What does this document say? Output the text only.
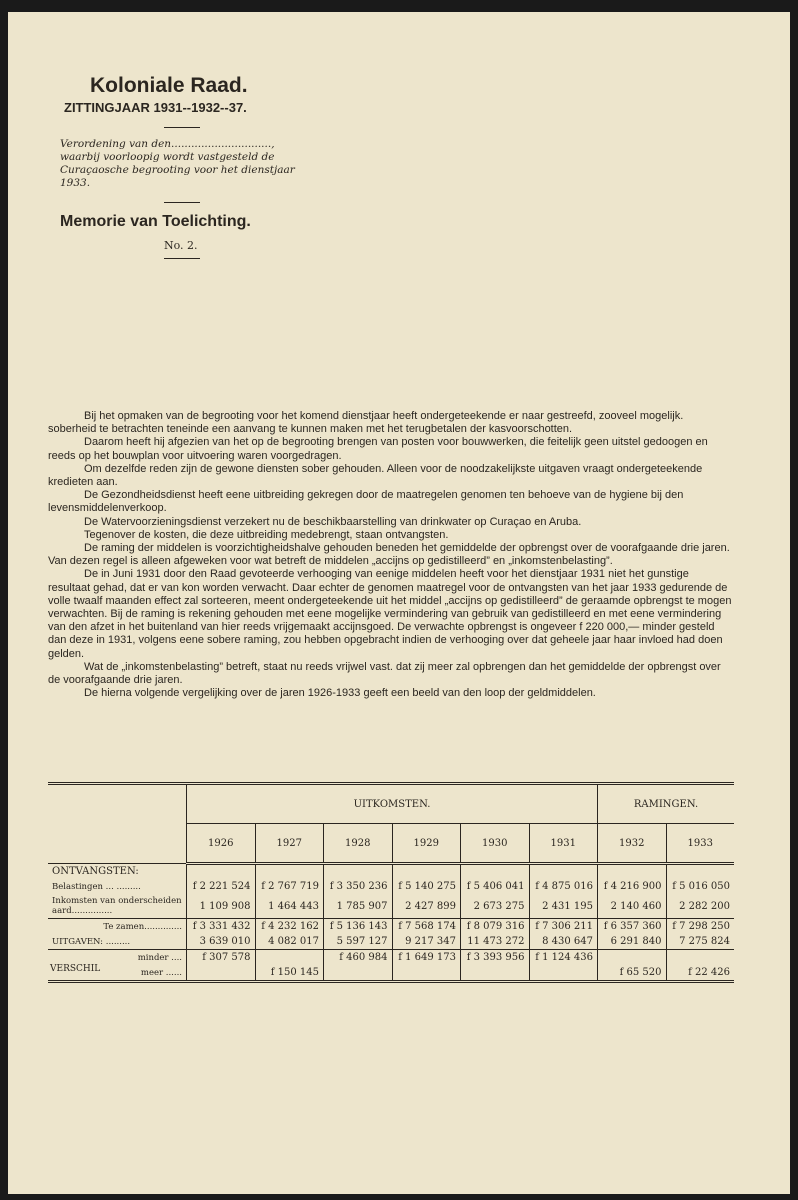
Koloniale Raad.
ZITTINGJAAR 1931--1932--37.
Verordening van den.............................., waarbij voorloopig wordt vastgesteld de Curaçaosche begrooting voor het dienstjaar 1933.
Memorie van Toelichting.
No. 2.

Bij het opmaken van de begrooting voor het komend dienstjaar heeft ondergeteekende er naar gestreefd, zooveel mogelijk. soberheid te betrachten teneinde een aanvang te kunnen maken met het terugbetalen der kasvoorschotten.

Daarom heeft hij afgezien van het op de begrooting brengen van posten voor bouwwerken, die feitelijk geen uitstel gedoogen en reeds op het bouwplan voor uitvoering waren voorgedragen.

Om dezelfde reden zijn de gewone diensten sober gehouden. Alleen voor de noodzakelijkste uitgaven vraagt ondergeteekende kredieten aan.

De Gezondheidsdienst heeft eene uitbreiding gekregen door de maatregelen genomen ten behoeve van de hygiene bij den levensmiddelenverkoop.

De Watervoorzieningsdienst verzekert nu de beschikbaarstelling van drinkwater op Curaçao en Aruba.

Tegenover de kosten, die deze uitbreiding medebrengt, staan ontvangsten.

De raming der middelen is voorzichtigheidshalve gehouden beneden het gemiddelde der opbrengst over de voorafgaande drie jaren. Van dezen regel is alleen afgeweken voor wat betreft de middelen „accijns op gedistilleerd” en „inkomstenbelasting”.

De in Juni 1931 door den Raad gevoteerde verhooging van eenige middelen heeft voor het dienstjaar 1931 niet het gunstige resultaat gehad, dat er van kon worden verwacht. Daar echter de genomen maatregel voor de ontvangsten van het jaar 1933 gedurende de volle twaalf maanden effect zal sorteeren, meent ondergeteekende uit het middel „accijns op gedistilleerd” de geraamde opbrengst te mogen verwachten. Bij de raming is rekening gehouden met eene mogelijke vermindering van gebruik van gedistilleerd en met eene vermindering van den afzet in het buitenland van hier reeds vrijgemaakt accijnsgoed. De verwachte opbrengst is ongeveer f 220 000,— minder gesteld dan deze in 1931, volgens eene sobere raming, zou hebben opgebracht indien de verhooging over dat geheele jaar haar invloed had doen gelden.

Wat de „inkomstenbelasting” betreft, staat nu reeds vrijwel vast. dat zij meer zal opbrengen dan het gemiddelde der opbrengst over de voorafgaande drie jaren.

De hierna volgende vergelijking over de jaren 1926-1933 geeft een beeld van den loop der geldmiddelen.

	UITKOMSTEN.						RAMINGEN.	
	1926	1927	1928	1929	1930	1931	1932	1933
ONTVANGSTEN:								
Belastingen ... .........	f 2 221 524	f 2 767 719	f 3 350 236	f 5 140 275	f 5 406 041	f 4 875 016	f 4 216 900	f 5 016 050
Inkomsten van onderscheiden aard...............	1 109 908	1 464 443	1 785 907	2 427 899	2 673 275	2 431 195	2 140 460	2 282 200
Te zamen..............	f 3 331 432	f 4 232 162	f 5 136 143	f 7 568 174	f 8 079 316	f 7 306 211	f 6 357 360	f 7 298 250
UITGAVEN: .........	3 639 010	4 082 017	5 597 127	9 217 347	11 473 272	8 430 647	6 291 840	7 275 824

VERSCHIL
minder ....	f 307 578		f 460 984	f 1 649 173	f 3 393 956	f 1 124 436		
meer ......		f 150 145					f 65 520	f 22 426
